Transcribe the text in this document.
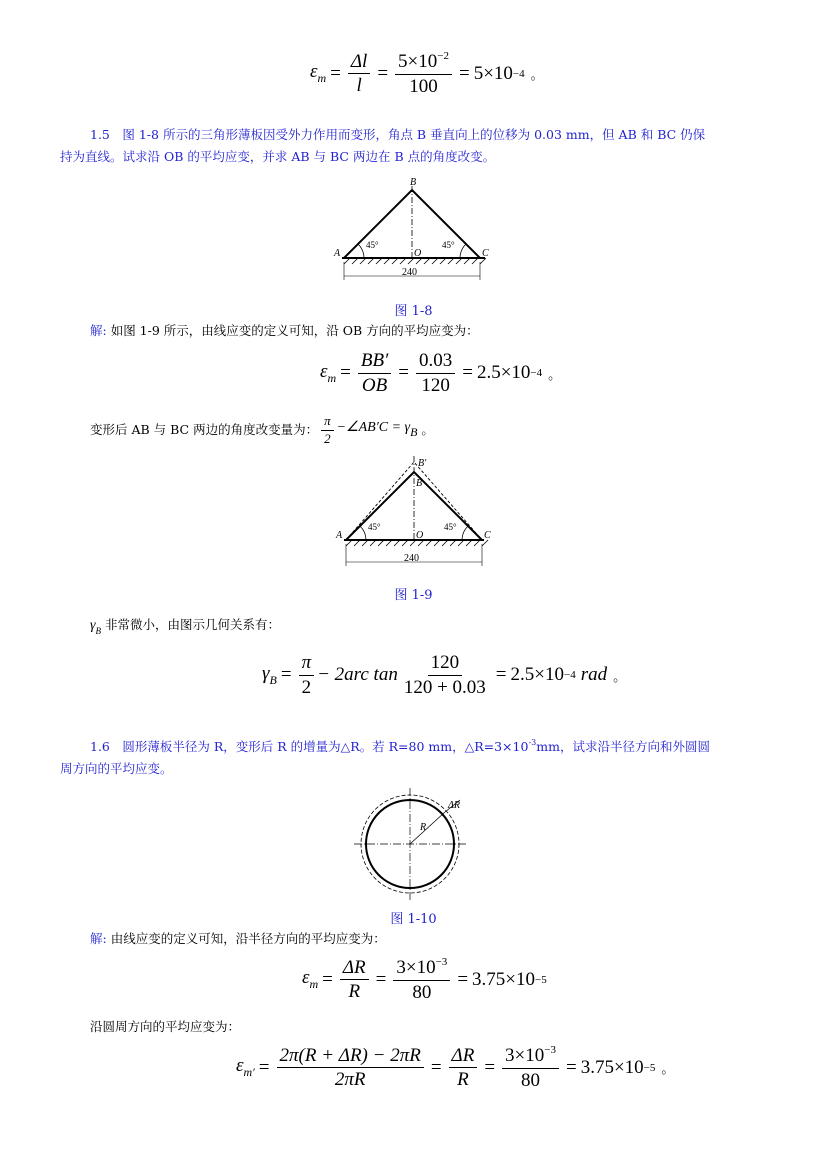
$\varepsilon_m = \frac{\Delta l}{l} = \frac{5\times 10^{-2}}{100} = 5\times 10 -4$ 。
1.5　图 1-8 所示的三角形薄板因受外力作用而变形，角点 B 垂直向上的位移为 0.03 mm，但 AB 和 BC 仍保
持为直线。试求沿 OB 的平均应变，并求 AB 与 BC 两边在 B 点的角度改变。
A
B
C
O
45°	45°
240
图 1-8
解: 如图 1-9 所示，由线应变的定义可知，沿 OB 方向的平均应变为：
$\varepsilon_m = \frac{BB'}{OB} = \frac{0.03}{120} = 2.5\times 10 -4$ 。
变形后 AB 与 BC 两边的角度改变量为： $\frac{\pi}{2}$ −∠AB′C = $\gamma_B$ 。
A
B′
B
C
O
45°	45°
240
图 1-9
$\gamma_B$ 非常微小，由图示几何关系有：
$\gamma_B = \frac{\pi}{2} - 2arc$ $\tan \frac{120}{120 + 0.03} = 2.5\times 10 -4$ rad 。
1.6　圆形薄板半径为 R，变形后 R 的增量为△R。若 R=80 mm，$\triangle R=3\times 10^{-3}mm$，试求沿半径方向和外圆圆
周方向的平均应变。
R
ΔR
图 1-10
解: 由线应变的定义可知，沿半径方向的平均应变为：
$\varepsilon_m = \frac{\Delta R}{R} = \frac{3\times 10^{-3}}{80} = 3.75\times 10 -5$
沿圆周方向的平均应变为：
$\varepsilon_{m'} = \frac{2\pi(R + \Delta R) - 2\pi R}{2\pi R} = \frac{\Delta R}{R} = \frac{3\times 10^{-3}}{80} = 3.75\times 10 -5$ 。
